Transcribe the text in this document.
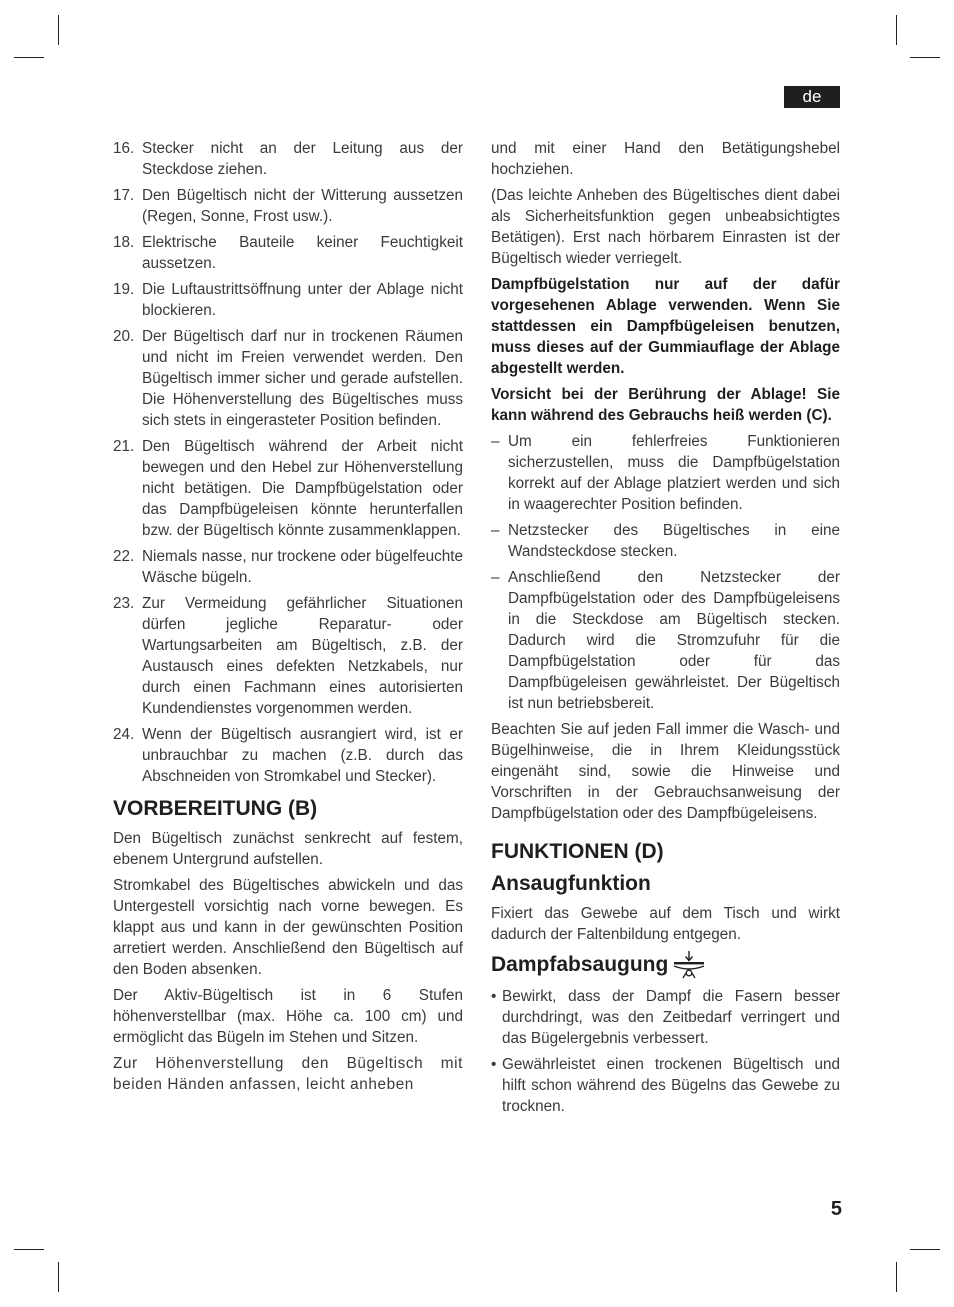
de
16. Stecker nicht an der Leitung aus der Steckdose ziehen.
17. Den Bügeltisch nicht der Witterung aussetzen (Regen, Sonne, Frost usw.).
18. Elektrische Bauteile keiner Feuchtigkeit aussetzen.
19. Die Luftaustrittsöffnung unter der Ablage nicht blockieren.
20. Der Bügeltisch darf nur in trockenen Räumen und nicht im Freien verwendet werden. Den Bügeltisch immer sicher und gerade aufstellen. Die Höhenverstellung des Bügeltisches muss sich stets in eingerasteter Position befinden.
21. Den Bügeltisch während der Arbeit nicht bewegen und den Hebel zur Höhenverstellung nicht betätigen. Die Dampfbügelstation oder das Dampfbügeleisen könnte herunterfallen bzw. der Bügeltisch könnte zusammenklappen.
22. Niemals nasse, nur trockene oder bügelfeuchte Wäsche bügeln.
23. Zur Vermeidung gefährlicher Situationen dürfen jegliche Reparatur- oder Wartungsarbeiten am Bügeltisch, z.B. der Austausch eines defekten Netzkabels, nur durch einen Fachmann eines autorisierten Kundendienstes vorgenommen werden.
24. Wenn der Bügeltisch ausrangiert wird, ist er unbrauchbar zu machen (z.B. durch das Abschneiden von Stromkabel und Stecker).
VORBEREITUNG (B)

Den Bügeltisch zunächst senkrecht auf festem, ebenem Untergrund aufstellen.

Stromkabel des Bügeltisches abwickeln und das Untergestell vorsichtig nach vorne bewegen. Es klappt aus und kann in der gewünschten Position arretiert werden. Anschließend den Bügeltisch auf den Boden absenken.

Der Aktiv-Bügeltisch ist in 6 Stufen höhenverstellbar (max. Höhe ca. 100 cm) und ermöglicht das Bügeln im Stehen und Sitzen.

Zur Höhenverstellung den Bügeltisch mit beiden Händen anfassen, leicht anheben

und mit einer Hand den Betätigungshebel hochziehen.

(Das leichte Anheben des Bügeltisches dient dabei als Sicherheitsfunktion gegen unbeabsichtigtes Betätigen). Erst nach hörbarem Einrasten ist der Bügeltisch wieder verriegelt.

Dampfbügelstation nur auf der dafür vorgesehenen Ablage verwenden. Wenn Sie stattdessen ein Dampfbügeleisen benutzen, muss dieses auf der Gummiauflage der Ablage abgestellt werden.

Vorsicht bei der Berührung der Ablage! Sie kann während des Gebrauchs heiß werden (C).

– Um ein fehlerfreies Funktionieren sicherzustellen, muss die Dampfbügelstation korrekt auf der Ablage platziert werden und sich in waagerechter Position befinden.
– Netzstecker des Bügeltisches in eine Wandsteckdose stecken.
– Anschließend den Netzstecker der Dampfbügelstation oder des Dampfbügeleisens in die Steckdose am Bügeltisch stecken. Dadurch wird die Stromzufuhr für die Dampfbügelstation oder für das Dampfbügeleisen gewährleistet. Der Bügeltisch ist nun betriebsbereit.

Beachten Sie auf jeden Fall immer die Wasch- und Bügelhinweise, die in Ihrem Kleidungsstück eingenäht sind, sowie die Hinweise und Vorschriften in der Gebrauchsanweisung der Dampfbügelstation oder des Dampfbügeleisens.

FUNKTIONEN (D)
Ansaugfunktion

Fixiert das Gewebe auf dem Tisch und wirkt dadurch der Faltenbildung entgegen.

Dampfabsaugung
• Bewirkt, dass der Dampf die Fasern besser durchdringt, was den Zeitbedarf verringert und das Bügelergebnis verbessert.
• Gewährleistet einen trockenen Bügeltisch und hilft schon während des Bügelns das Gewebe zu trocknen.
5
